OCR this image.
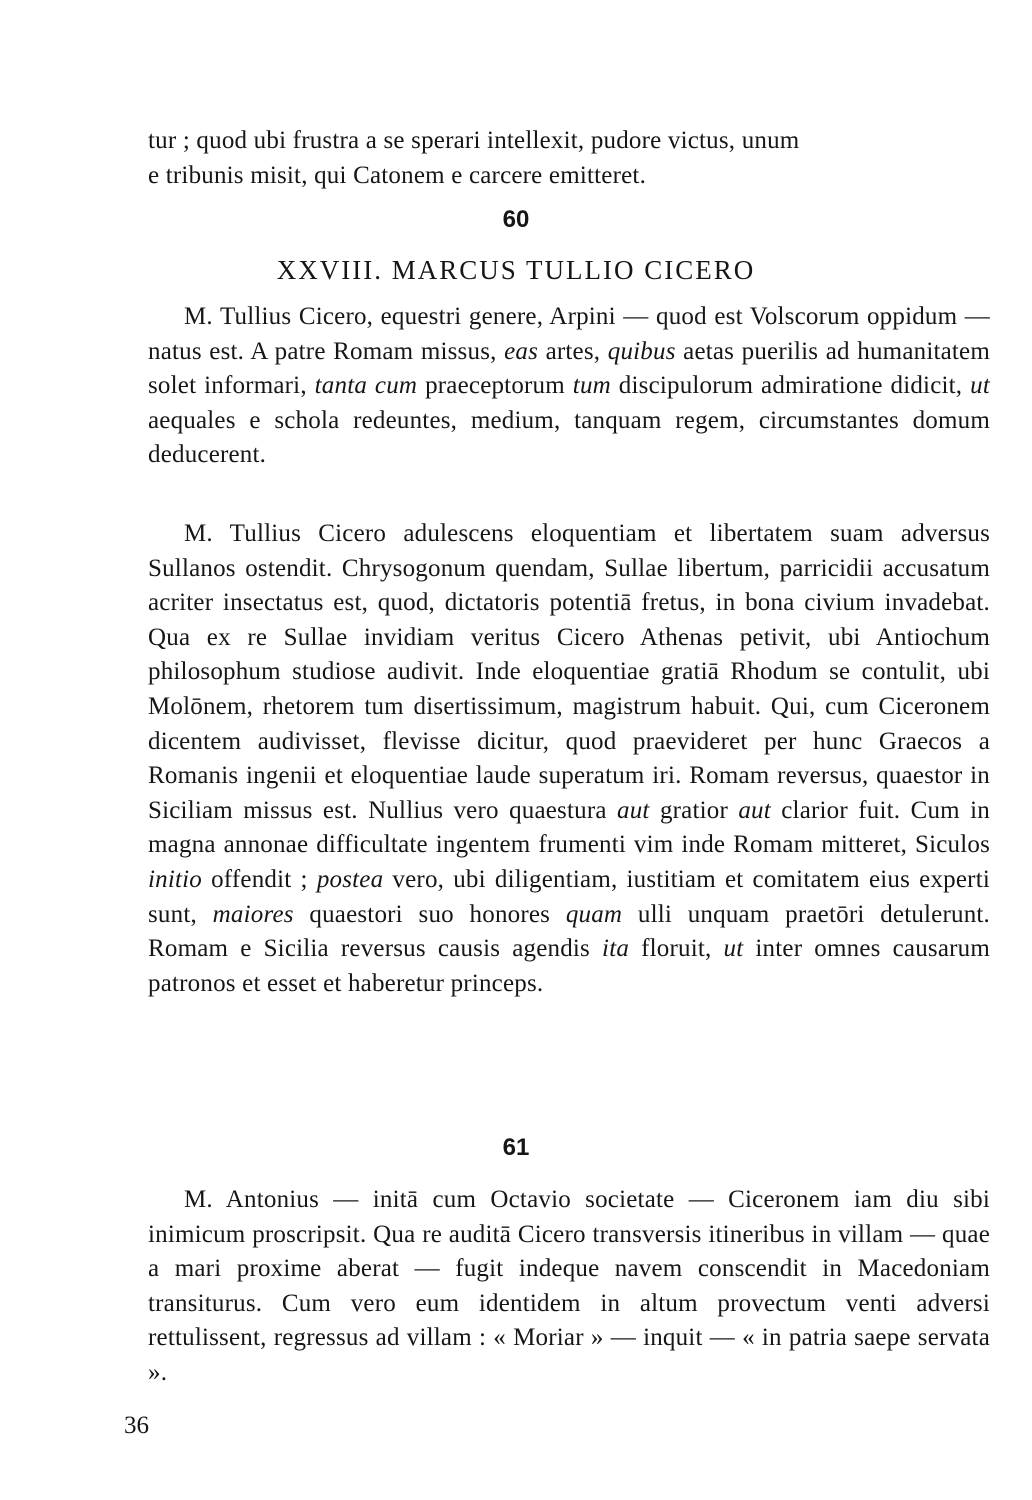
tur ; quod ubi frustra a se sperari intellexit, pudore victus, unum
e tribunis misit, qui Catonem e carcere emitteret.

60

XXVIII. MARCUS TULLIO CICERO

M. Tullius Cicero, equestri genere, Arpini — quod est Volscorum oppidum — natus est. A patre Romam missus, eas artes, quibus aetas puerilis ad humanitatem solet informari, tanta cum praeceptorum tum discipulorum admiratione didicit, ut aequales e schola redeuntes, medium, tanquam regem, circumstantes domum deducerent.

M. Tullius Cicero adulescens eloquentiam et libertatem suam adversus Sullanos ostendit. Chrysogonum quendam, Sullae libertum, parricidii accusatum acriter insectatus est, quod, dictatoris potentiā fretus, in bona civium invadebat. Qua ex re Sullae invidiam veritus Cicero Athenas petivit, ubi Antiochum philosophum studiose audivit. Inde eloquentiae gratiā Rhodum se contulit, ubi Molōnem, rhetorem tum disertissimum, magistrum habuit. Qui, cum Ciceronem dicentem audivisset, flevisse dicitur, quod praevideret per hunc Graecos a Romanis ingenii et eloquentiae laude superatum iri. Romam reversus, quaestor in Siciliam missus est. Nullius vero quaestura aut gratior aut clarior fuit. Cum in magna annonae difficultate ingentem frumenti vim inde Romam mitteret, Siculos initio offendit ; postea vero, ubi diligentiam, iustitiam et comitatem eius experti sunt, maiores quaestori suo honores quam ulli unquam praetōri detulerunt. Romam e Sicilia reversus causis agendis ita floruit, ut inter omnes causarum patronos et esset et haberetur princeps.

61

M. Antonius — initā cum Octavio societate — Ciceronem iam diu sibi inimicum proscripsit. Qua re auditā Cicero transversis itineribus in villam — quae a mari proxime aberat — fugit indeque navem conscendit in Macedoniam transiturus. Cum vero eum identidem in altum provectum venti adversi rettulissent, regressus ad villam : « Moriar » — inquit — « in patria saepe servata ».

36
